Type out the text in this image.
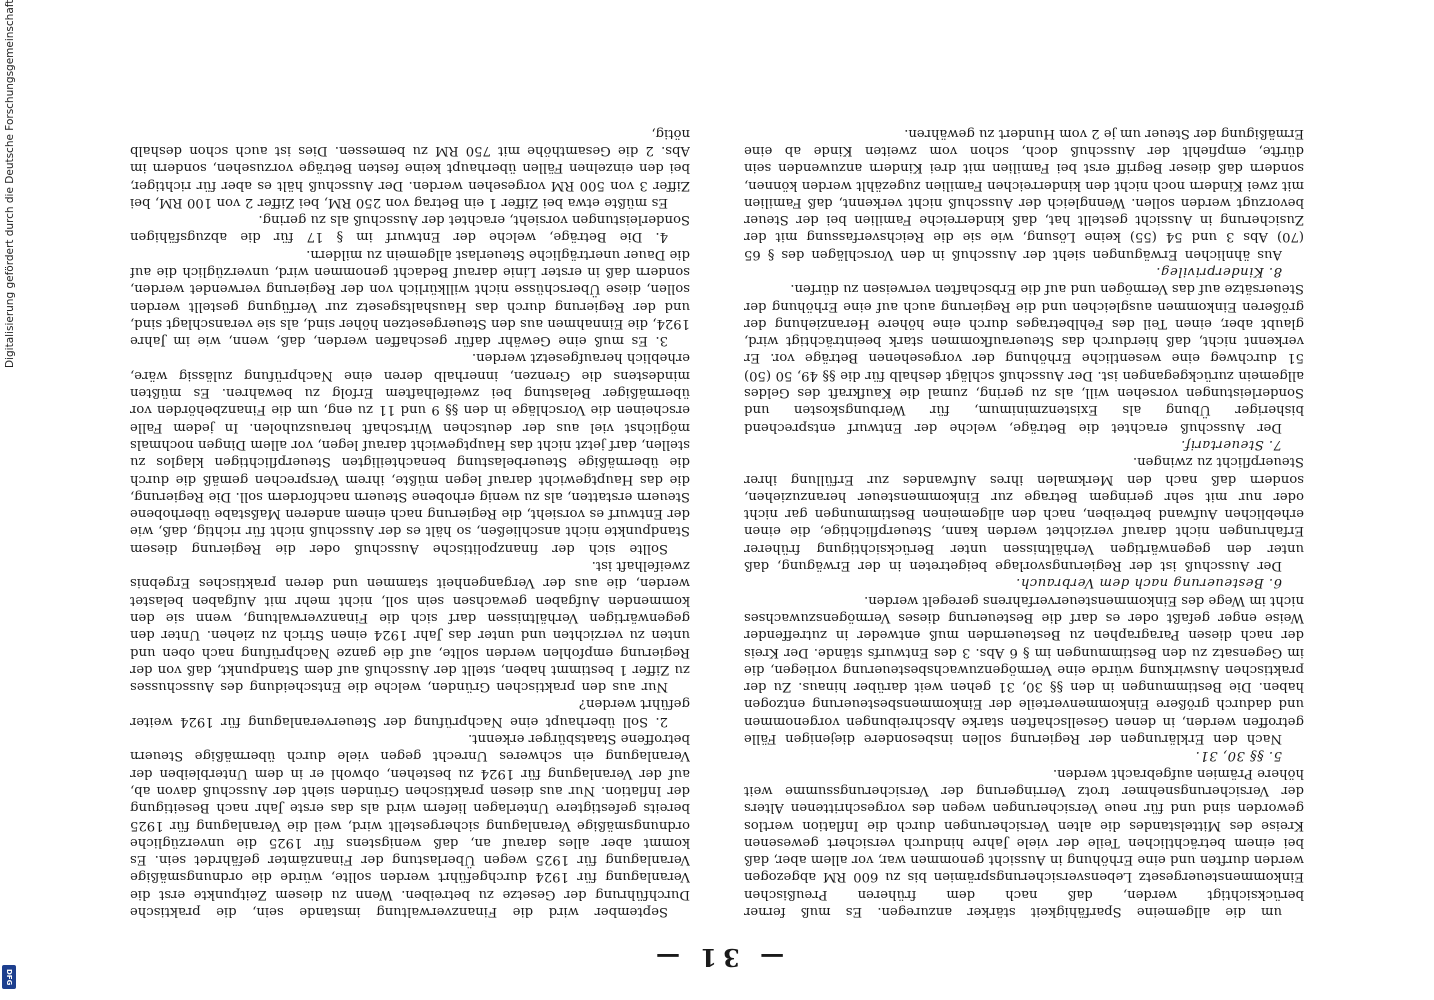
— 31 —

September wird die Finanzverwaltung imstande sein, die praktische Durchführung der Gesetze zu betreiben. Wenn zu diesem Zeitpunkte erst die Veranlagung für 1924 durchgeführt werden sollte, würde die ordnungsmäßige Veranlagung für 1925 wegen Überlastung der Finanzämter gefährdet sein. Es kommt aber alles darauf an, daß wenigstens für 1925 die unverzügliche ordnungsmäßige Veranlagung sichergestellt wird, weil die Veranlagung für 1925 bereits gefestigtere Unterlagen liefern wird als das erste Jahr nach Beseitigung der Inflation. Nur aus diesen praktischen Gründen sieht der Ausschuß davon ab, auf der Veranlagung für 1924 zu bestehen, obwohl er in dem Unterbleiben der Veranlagung ein schweres Unrecht gegen viele durch übermäßige Steuern betroffene Staatsbürger erkennt.

2. Soll überhaupt eine Nachprüfung der Steuerveranlagung für 1924 weiter geführt werden?

Nur aus den praktischen Gründen, welche die Entscheidung des Ausschusses zu Ziffer 1 bestimmt haben, stellt der Ausschuß auf dem Standpunkt, daß von der Regierung empfohlen werden sollte, auf die ganze Nachprüfung nach oben und unten zu verzichten und unter das Jahr 1924 einen Strich zu ziehen. Unter den gegenwärtigen Verhältnissen darf sich die Finanzverwaltung, wenn sie den kommenden Aufgaben gewachsen sein soll, nicht mehr mit Aufgaben belastet werden, die aus der Vergangenheit stammen und deren praktisches Ergebnis zweifelhaft ist.

Sollte sich der finanzpolitische Ausschuß oder die Regierung diesem Standpunkte nicht anschließen, so hält es der Ausschuß nicht für richtig, daß, wie der Entwurf es vorsieht, die Regierung nach einem anderen Maßstabe überhobene Steuern erstatten, als zu wenig erhobene Steuern nachfordern soll. Die Regierung, die das Hauptgewicht darauf legen müßte, ihrem Versprechen gemäß die durch die übermäßige Steuerbelastung benachteiligten Steuerpflichtigen klaglos zu stellen, darf jetzt nicht das Hauptgewicht darauf legen, vor allem Dingen nochmals möglichst viel aus der deutschen Wirtschaft herauszuholen. In jedem Falle erscheinen die Vorschläge in den §§ 9 und 11 zu eng, um die Finanzbehörden vor übermäßiger Belastung bei zweifelhaftem Erfolg zu bewahren. Es müßten mindestens die Grenzen, innerhalb deren eine Nachprüfung zulässig wäre, erheblich heraufgesetzt werden.

3. Es muß eine Gewähr dafür geschaffen werden, daß, wenn, wie im Jahre 1924, die Einnahmen aus den Steuergesetzen höher sind, als sie veranschlagt sind, und der Regierung durch das Haushaltsgesetz zur Verfügung gestellt werden sollen, diese Überschüsse nicht willkürlich von der Regierung verwendet werden, sondern daß in erster Linie darauf Bedacht genommen wird, unverzüglich die auf die Dauer unerträgliche Steuerlast allgemein zu mildern.

4. Die Beträge, welche der Entwurf im § 17 für die abzugsfähigen Sonderleistungen vorsieht, erachtet der Ausschuß als zu gering.

Es müßte etwa bei Ziffer 1 ein Betrag von 250 RM, bei Ziffer 2 von 100 RM, bei Ziffer 3 von 500 RM vorgesehen werden. Der Ausschuß hält es aber für richtiger, bei den einzelnen Fällen überhaupt keine festen Beträge vorzusehen, sondern im Abs. 2 die Gesamthöhe mit 750 RM zu bemessen. Dies ist auch schon deshalb nötig,

um die allgemeine Sparfähigkeit stärker anzuregen. Es muß ferner berücksichtigt werden, daß nach dem früheren Preußischen Einkommensteuergesetz Lebensversicherungsprämien bis zu 600 RM abgezogen werden durften und eine Erhöhung in Aussicht genommen war, vor allem aber, daß bei einem beträchtlichen Teile der viele Jahre hindurch versichert gewesenen Kreise des Mittelstandes die alten Versicherungen durch die Inflation wertlos geworden sind und für neue Versicherungen wegen des vorgeschrittenen Alters der Versicherungsnehmer trotz Verringerung der Versicherungssumme weit höhere Prämien aufgebracht werden.

5. §§ 30, 31.

Nach den Erklärungen der Regierung sollen insbesondere diejenigen Fälle getroffen werden, in denen Gesellschaften starke Abschreibungen vorgenommen und dadurch größere Einkommenverteile der Einkommensbesteuerung entzogen haben. Die Bestimmungen in den §§ 30, 31 gehen weit darüber hinaus. Zu der praktischen Auswirkung würde eine Vermögenzuwachsbesteuerung vorliegen, die im Gegensatz zu den Bestimmungen im § 6 Abs. 3 des Entwurfs stände. Der Kreis der nach diesen Paragraphen zu Besteuernden muß entweder in zutreffender Weise enger gefaßt oder es darf die Besteuerung dieses Vermögenszuwachses nicht im Wege des Einkommensteuerverfahrens geregelt werden.

6. Besteuerung nach dem Verbrauch.

Der Ausschuß ist der Regierungsvorlage beigetreten in der Erwägung, daß unter den gegenwärtigen Verhältnissen unter Berücksichtigung früherer Erfahrungen nicht darauf verzichtet werden kann, Steuerpflichtige, die einen erheblichen Aufwand betreiben, nach den allgemeinen Bestimmungen gar nicht oder nur mit sehr geringem Betrage zur Einkommensteuer heranzuziehen, sondern daß nach den Merkmalen ihres Aufwandes zur Erfüllung ihrer Steuerpflicht zu zwingen.

7. Steuertarif.

Der Ausschuß erachtet die Beträge, welche der Entwurf entsprechend bisheriger Übung als Existenzminimum, für Werbungskosten und Sonderleistungen vorsehen will, als zu gering, zumal die Kaufkraft des Geldes allgemein zurückgegangen ist. Der Ausschuß schlägt deshalb für die §§ 49, 50 (50) 51 durchweg eine wesentliche Erhöhung der vorgesehenen Beträge vor. Er verkennt nicht, daß hierdurch das Steueraufkommen stark beeinträchtigt wird, glaubt aber, einen Teil des Fehlbetrages durch eine höhere Heranziehung der größeren Einkommen ausgleichen und die Regierung auch auf eine Erhöhung der Steuersätze auf das Vermögen und auf die Erbschaften verweisen zu dürfen.

8. Kinderprivileg.

Aus ähnlichen Erwägungen sieht der Ausschuß in den Vorschlägen des § 65 (70) Abs 3 und 54 (55) keine Lösung, wie sie die Reichsverfassung mit der Zusicherung in Aussicht gestellt hat, daß kinderreiche Familien bei der Steuer bevorzugt werden sollen. Wenngleich der Ausschuß nicht verkennt, daß Familien mit zwei Kindern noch nicht den kinderreichen Familien zugezählt werden können, sondern daß dieser Begriff erst bei Familien mit drei Kindern anzuwenden sein dürfte, empfiehlt der Ausschuß doch, schon vom zweiten Kinde ab eine Ermäßigung der Steuer um je 2 vom Hundert zu gewähren.

Digitalisierung gefördert durch die Deutsche Forschungsgemeinschaft
DFG
